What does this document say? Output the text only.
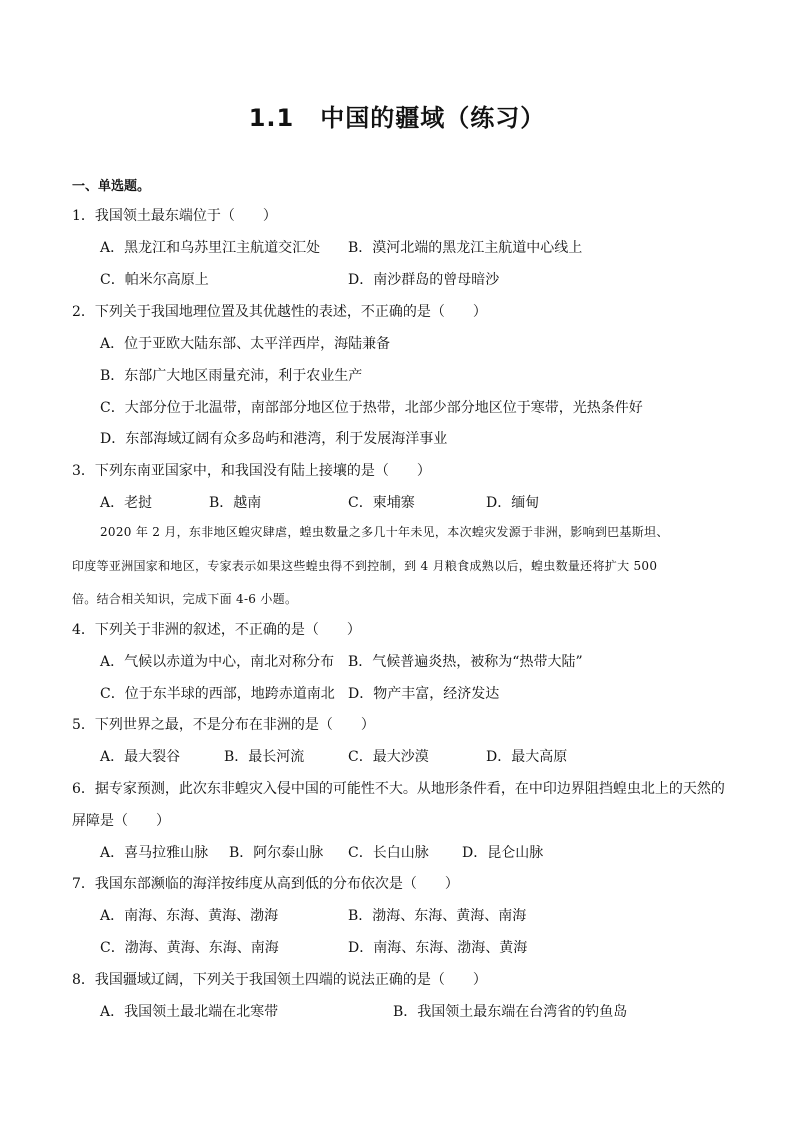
1.1 中国的疆域（练习）
一、单选题。
1．我国领土最东端位于（　　）
A．黑龙江和乌苏里江主航道交汇处 B．漠河北端的黑龙江主航道中心线上
C．帕米尔高原上	D．南沙群岛的曾母暗沙
2．下列关于我国地理位置及其优越性的表述，不正确的是（　　）
A．位于亚欧大陆东部、太平洋西岸，海陆兼备
B．东部广大地区雨量充沛，利于农业生产
C．大部分位于北温带，南部部分地区位于热带，北部少部分地区位于寒带，光热条件好
D．东部海域辽阔有众多岛屿和港湾，利于发展海洋事业
3．下列东南亚国家中，和我国没有陆上接壤的是（　　）
A．老挝	B．越南	C．柬埔寨	D．缅甸
2020 年 2 月，东非地区蝗灾肆虐，蝗虫数量之多几十年未见，本次蝗灾发源于非洲，影响到巴基斯坦、
印度等亚洲国家和地区，专家表示如果这些蝗虫得不到控制，到 4 月粮食成熟以后，蝗虫数量还将扩大 500
倍。结合相关知识，完成下面 4-6 小题。
4．下列关于非洲的叙述，不正确的是（　　）
A．气候以赤道为中心，南北对称分布 B．气候普遍炎热，被称为“热带大陆”
C．位于东半球的西部，地跨赤道南北 D．物产丰富，经济发达
5．下列世界之最，不是分布在非洲的是（　　）
A．最大裂谷	B．最长河流	C．最大沙漠	D．最大高原
6．据专家预测，此次东非蝗灾入侵中国的可能性不大。从地形条件看，在中印边界阻挡蝗虫北上的天然的
屏障是（　　）
A．喜马拉雅山脉 B．阿尔泰山脉 C．长白山脉 D．昆仑山脉
7．我国东部濒临的海洋按纬度从高到低的分布依次是（　　）
A．南海、东海、黄海、渤海	B．渤海、东海、黄海、南海
C．渤海、黄海、东海、南海	D．南海、东海、渤海、黄海
8．我国疆域辽阔，下列关于我国领土四端的说法正确的是（　　）
A．我国领土最北端在北寒带	B．我国领土最东端在台湾省的钓鱼岛
